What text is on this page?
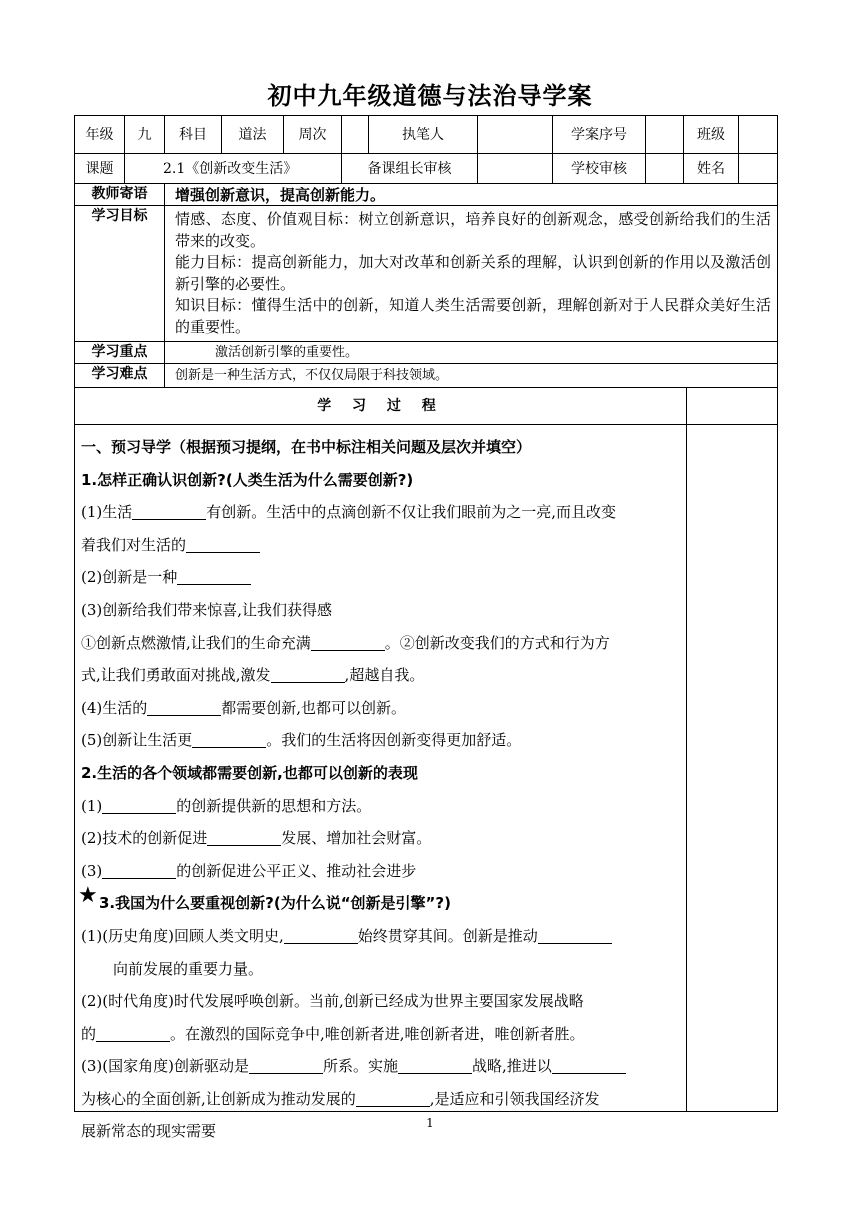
初中九年级道德与法治导学案
年级	九	科目	道法	周次	执笔人	学案序号	班级
课题	2.1《创新改变生活》	备课组长审核	学校审核	姓名
教师寄语	增强创新意识，提高创新能力。
学习目标	情感、态度、价值观目标：树立创新意识，培养良好的创新观念，感受创新给我们的生活带来的改变。

能力目标：提高创新能力，加大对改革和创新关系的理解，认识到创新的作用以及激活创新引擎的必要性。

知识目标：懂得生活中的创新，知道人类生活需要创新，理解创新对于人民群众美好生活的重要性。

学习重点	激活创新引擎的重要性。
学习难点	创新是一种生活方式，不仅仅局限于科技领域。
学 习 过 程
一、预习导学（根据预习提纲，在书中标注相关问题及层次并填空）
1.怎样正确认识创新?(人类生活为什么需要创新?)
(1)生活	有创新。生活中的点滴创新不仅让我们眼前为之一亮,而且改变
着我们对生活的
(2)创新是一种
(3)创新给我们带来惊喜,让我们获得感
①创新点燃激情,让我们的生命充满	。②创新改变我们的方式和行为方
式,让我们勇敢面对挑战,激发	,超越自我。
(4)生活的	都需要创新,也都可以创新。
(5)创新让生活更	。我们的生活将因创新变得更加舒适。
2.生活的各个领域都需要创新,也都可以创新的表现
(1)	的创新提供新的思想和方法。
(2)技术的创新促进	发展、增加社会财富。
(3)	的创新促进公平正义、推动社会进步
★ 3.我国为什么要重视创新?(为什么说“创新是引擎”?)
(1)(历史角度)回顾人类文明史,	始终贯穿其间。创新是推动
向前发展的重要力量。
(2)(时代角度)时代发展呼唤创新。当前,创新已经成为世界主要国家发展战略
的	。在激烈的国际竞争中,唯创新者进,唯创新者进，唯创新者胜。
(3)(国家角度)创新驱动是	所系。实施	战略,推进以
为核心的全面创新,让创新成为推动发展的	,是适应和引领我国经济发
展新常态的现实需要	1
